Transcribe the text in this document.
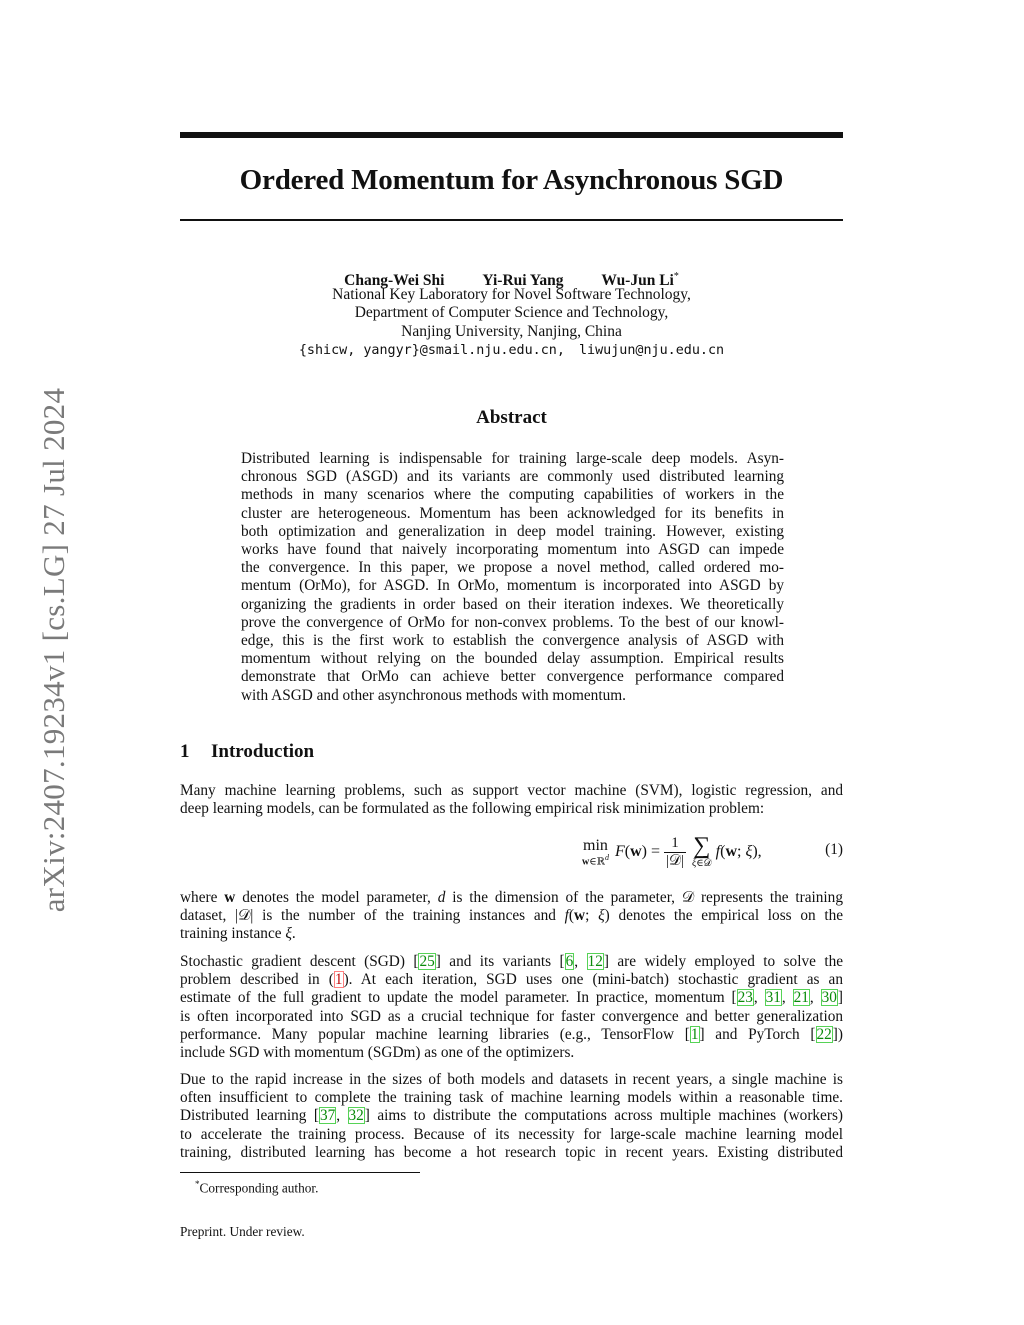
arXiv:2407.19234v1 [cs.LG] 27 Jul 2024
Ordered Momentum for Asynchronous SGD
Chang-Wei Shi Yi-Rui Yang Wu-Jun Li*
National Key Laboratory for Novel Software Technology,
Department of Computer Science and Technology,
Nanjing University, Nanjing, China
{shicw, yangyr}@smail.nju.edu.cn, liwujun@nju.edu.cn
Abstract
Distributed learning is indispensable for training large-scale deep models. Asyn-
chronous SGD (ASGD) and its variants are commonly used distributed learning
methods in many scenarios where the computing capabilities of workers in the
cluster are heterogeneous. Momentum has been acknowledged for its benefits in
both optimization and generalization in deep model training. However, existing
works have found that naively incorporating momentum into ASGD can impede
the convergence. In this paper, we propose a novel method, called ordered mo-
mentum (OrMo), for ASGD. In OrMo, momentum is incorporated into ASGD by
organizing the gradients in order based on their iteration indexes. We theoretically
prove the convergence of OrMo for non-convex problems. To the best of our knowl-
edge, this is the first work to establish the convergence analysis of ASGD with
momentum without relying on the bounded delay assumption. Empirical results
demonstrate that OrMo can achieve better convergence performance compared
with ASGD and other asynchronous methods with momentum.
1 Introduction
Many machine learning problems, such as support vector machine (SVM), logistic regression, and
deep learning models, can be formulated as the following empirical risk minimization problem:
min
w∈ℝ$^d$ $F(w) = \frac{1}{\text{|𝒟|}}$ ∑
ξ∈𝒟
f(w; ξ),	(1)
where w denotes the model parameter, d is the dimension of the parameter, 𝒟 represents the training
dataset, |𝒟| is the number of the training instances and f(w; ξ) denotes the empirical loss on the
training instance ξ.
Stochastic gradient descent (SGD) [25] and its variants [6, 12] are widely employed to solve the
problem described in (1). At each iteration, SGD uses one (mini-batch) stochastic gradient as an
estimate of the full gradient to update the model parameter. In practice, momentum [23, 31, 21, 30]
is often incorporated into SGD as a crucial technique for faster convergence and better generalization
performance. Many popular machine learning libraries (e.g., TensorFlow [1] and PyTorch [22])
include SGD with momentum (SGDm) as one of the optimizers.
Due to the rapid increase in the sizes of both models and datasets in recent years, a single machine is
often insufficient to complete the training task of machine learning models within a reasonable time.
Distributed learning [37, 32] aims to distribute the computations across multiple machines (workers)
to accelerate the training process. Because of its necessity for large-scale machine learning model
training, distributed learning has become a hot research topic in recent years. Existing distributed
*Corresponding author.
Preprint. Under review.
